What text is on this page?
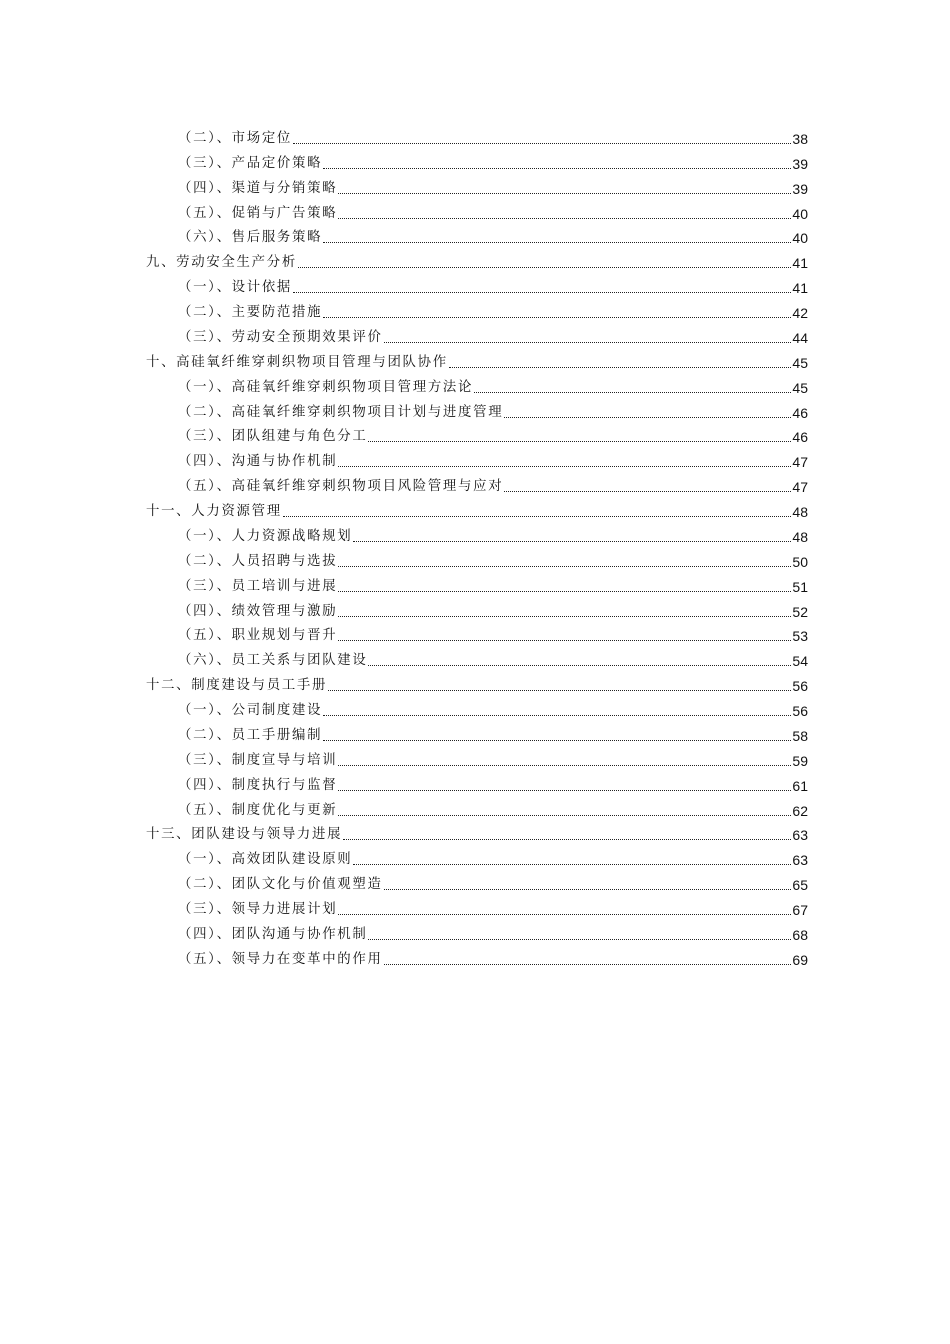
（二）、市场定位	38
（三）、产品定价策略	39
（四）、渠道与分销策略	39
（五）、促销与广告策略	40
（六）、售后服务策略	40
九、劳动安全生产分析	41
（一）、设计依据	41
（二）、主要防范措施	42
（三）、劳动安全预期效果评价	44
十、高硅氧纤维穿刺织物项目管理与团队协作	45
（一）、高硅氧纤维穿刺织物项目管理方法论	45
（二）、高硅氧纤维穿刺织物项目计划与进度管理	46
（三）、团队组建与角色分工	46
（四）、沟通与协作机制	47
（五）、高硅氧纤维穿刺织物项目风险管理与应对	47
十一、人力资源管理	48
（一）、人力资源战略规划	48
（二）、人员招聘与选拔	50
（三）、员工培训与进展	51
（四）、绩效管理与激励	52
（五）、职业规划与晋升	53
（六）、员工关系与团队建设	54
十二、制度建设与员工手册	56
（一）、公司制度建设	56
（二）、员工手册编制	58
（三）、制度宣导与培训	59
（四）、制度执行与监督	61
（五）、制度优化与更新	62
十三、团队建设与领导力进展	63
（一）、高效团队建设原则	63
（二）、团队文化与价值观塑造	65
（三）、领导力进展计划	67
（四）、团队沟通与协作机制	68
（五）、领导力在变革中的作用	69
